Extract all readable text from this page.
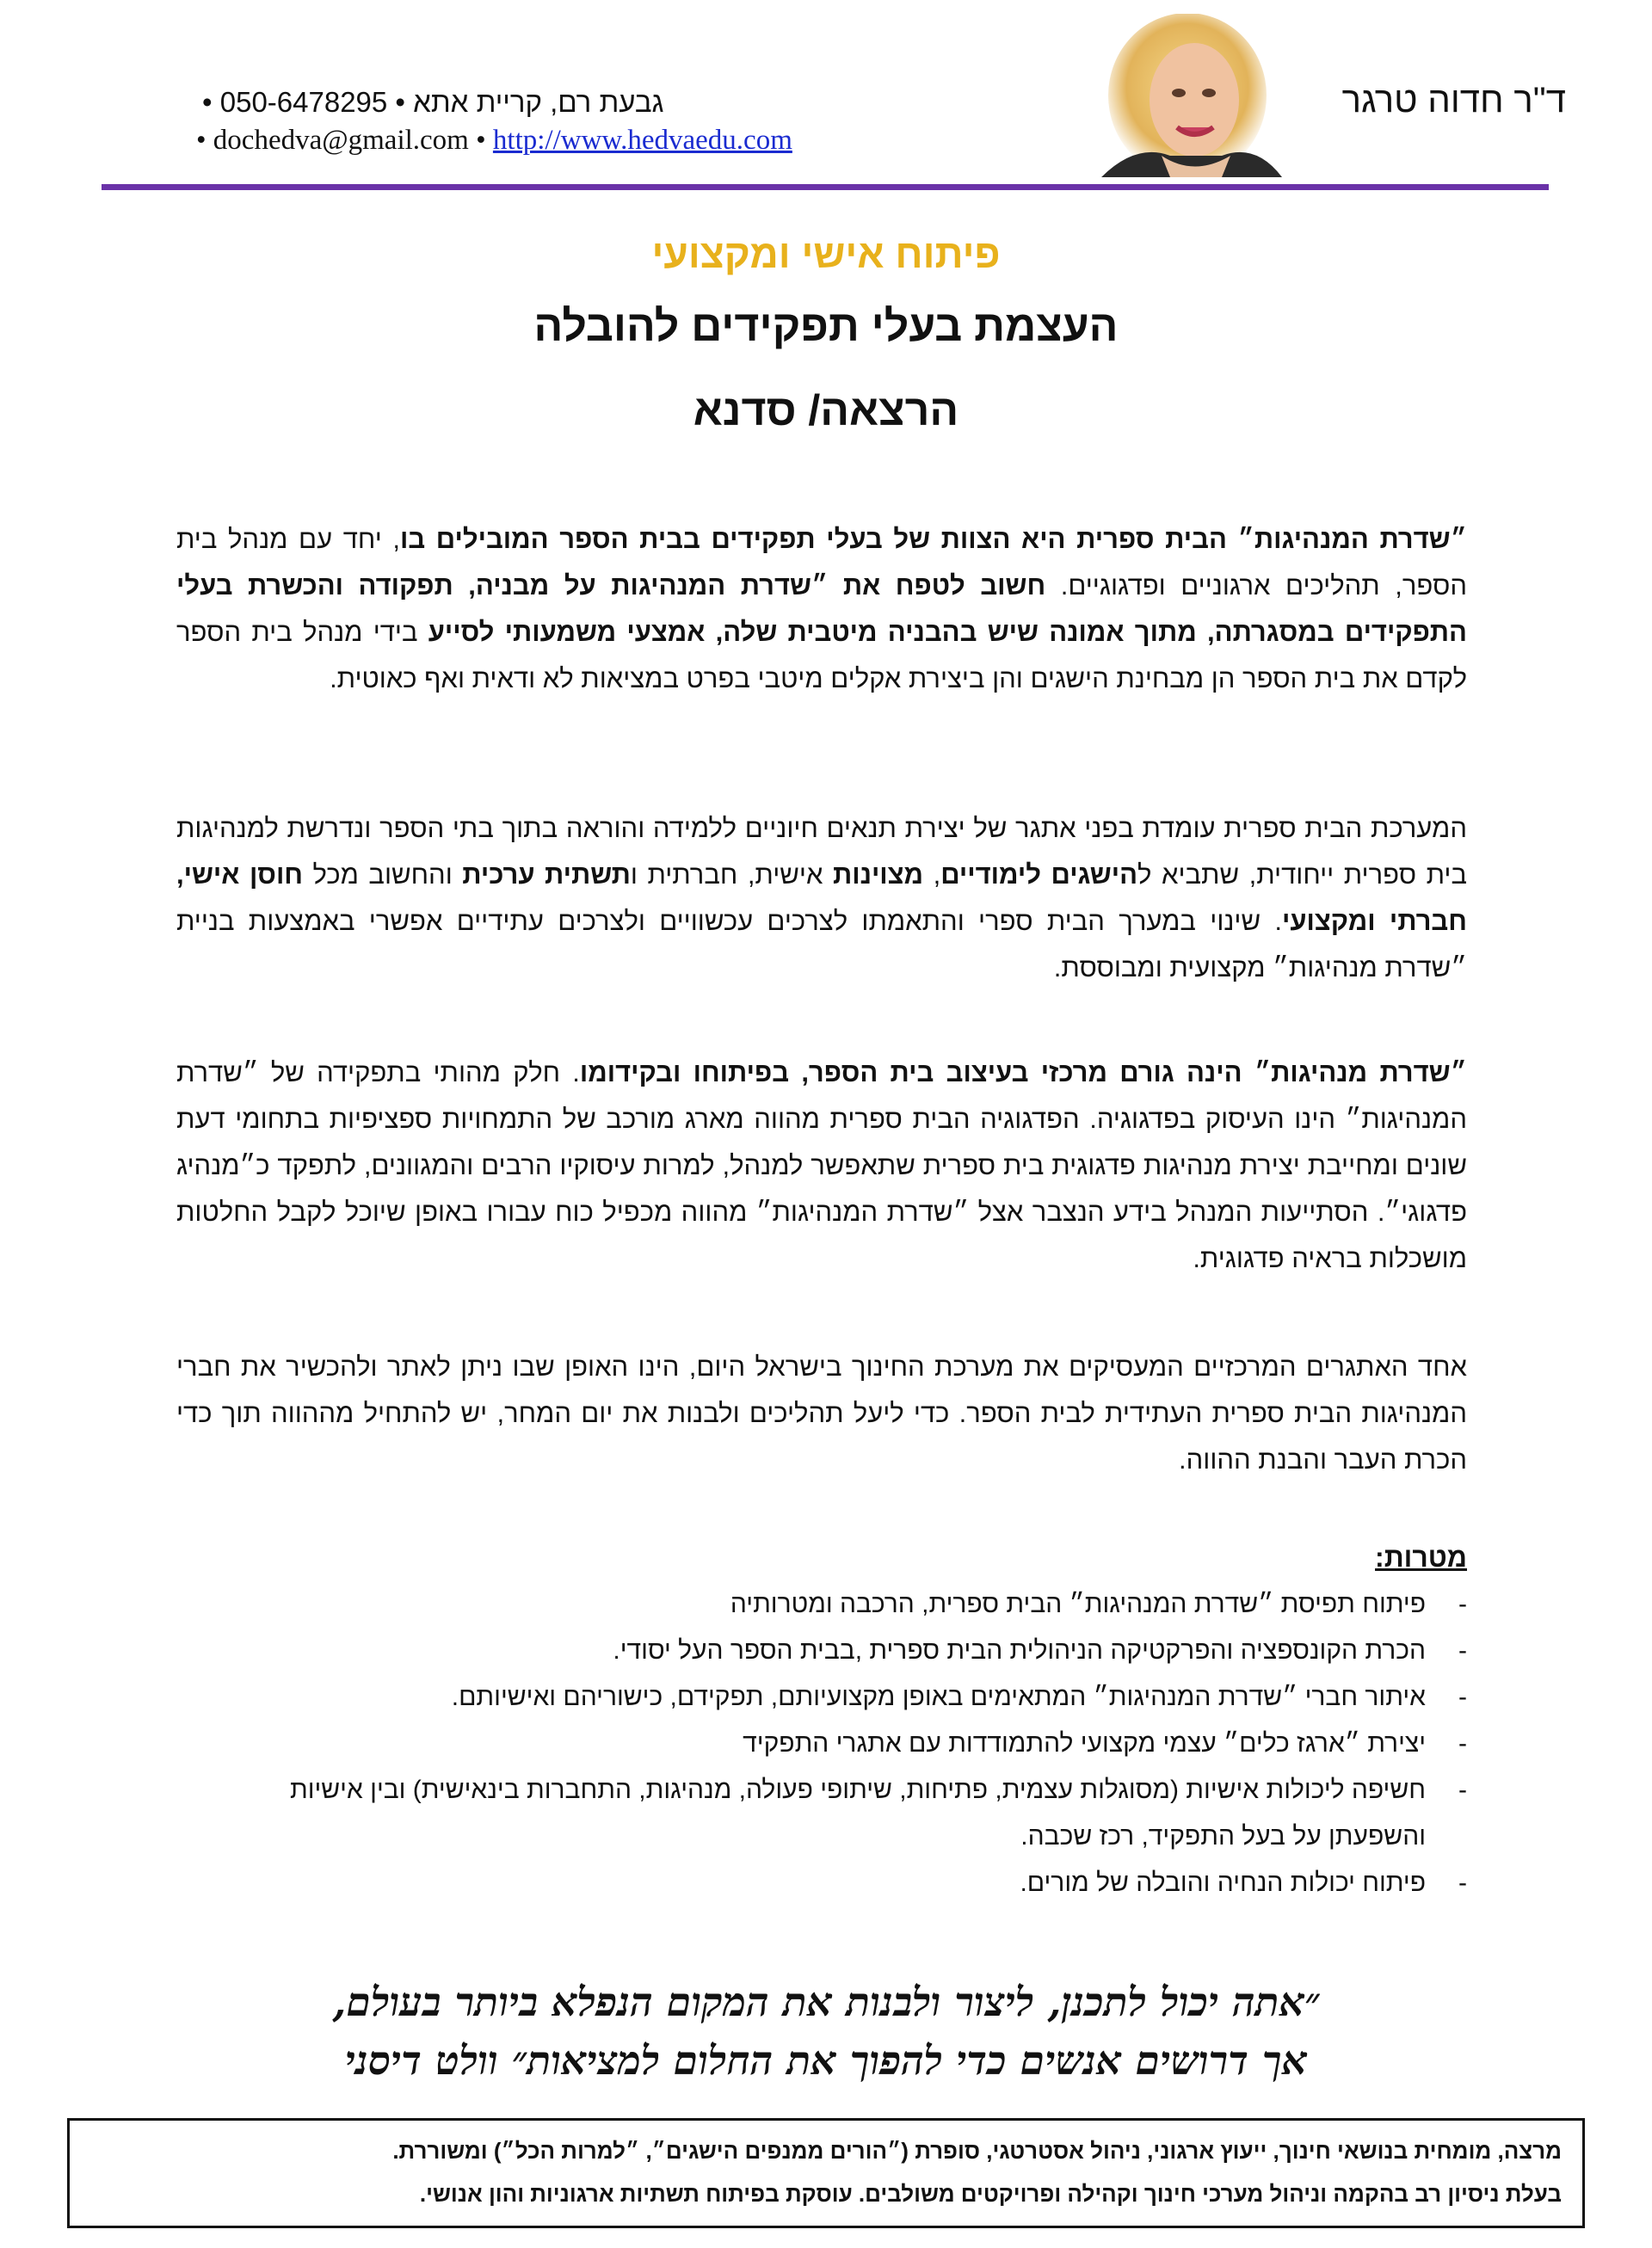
ד"ר חדוה טרגר
גבעת רם, קריית אתא • 050-6478295 •
• dochedva@gmail.com • http://www.hedvaedu.com
פיתוח אישי ומקצועי
העצמת בעלי תפקידים להובלה
הרצאה/ סדנא
״שדרת המנהיגות״ הבית ספרית היא הצוות של בעלי תפקידים בבית הספר המובילים בו, יחד עם מנהל בית הספר, תהליכים ארגוניים ופדגוגיים. חשוב לטפח את ״שדרת המנהיגות על מבניה, תפקודה והכשרת בעלי התפקידים במסגרתה, מתוך אמונה שיש בהבניה מיטבית שלה, אמצעי משמעותי לסייע בידי מנהל בית הספר לקדם את בית הספר הן מבחינת הישגים והן ביצירת אקלים מיטבי בפרט במציאות לא ודאית ואף כאוטית.
המערכת הבית ספרית עומדת בפני אתגר של יצירת תנאים חיוניים ללמידה והוראה בתוך בתי הספר ונדרשת למנהיגות בית ספרית ייחודית, שתביא להישגים לימודיים, מצוינות אישית, חברתית ותשתית ערכית והחשוב מכל חוסן אישי, חברתי ומקצועי. שינוי במערך הבית ספרי והתאמתו לצרכים עכשוויים ולצרכים עתידיים אפשרי באמצעות בניית ״שדרת מנהיגות״ מקצועית ומבוססת.
״שדרת מנהיגות״ הינה גורם מרכזי בעיצוב בית הספר, בפיתוחו ובקידומו. חלק מהותי בתפקידה של ״שדרת המנהיגות״ הינו העיסוק בפדגוגיה. הפדגוגיה הבית ספרית מהווה מארג מורכב של התמחויות ספציפיות בתחומי דעת שונים ומחייבת יצירת מנהיגות פדגוגית בית ספרית שתאפשר למנהל, למרות עיסוקיו הרבים והמגוונים, לתפקד כ״מנהיג פדגוגי״. הסתייעות המנהל בידע הנצבר אצל ״שדרת המנהיגות״ מהווה מכפיל כוח עבורו באופן שיוכל לקבל החלטות מושכלות בראיה פדגוגית.
אחד האתגרים המרכזיים המעסיקים את מערכת החינוך בישראל היום, הינו האופן שבו ניתן לאתר ולהכשיר את חברי המנהיגות הבית ספרית העתידית לבית הספר. כדי ליעל תהליכים ולבנות את יום המחר, יש להתחיל מההווה תוך כדי הכרת העבר והבנת ההווה.
מטרות:
-
פיתוח תפיסת ״שדרת המנהיגות״ הבית ספרית, הרכבה ומטרותיה
-
הכרת הקונספציה והפרקטיקה הניהולית הבית ספרית ,בבית הספר העל יסודי.
-
איתור חברי ״שדרת המנהיגות״ המתאימים באופן מקצועיותם, תפקידם, כישוריהם ואישיותם.
-
יצירת ״ארגז כלים״ עצמי מקצועי להתמודדות עם אתגרי התפקיד
-
חשיפה ליכולות אישיות (מסוגלות עצמית, פתיחות, שיתופי פעולה, מנהיגות, התחברות בינאישית) ובין אישיות והשפעתן על בעל התפקיד, רכז שכבה.
-
פיתוח יכולות הנחיה והובלה של מורים.
״אתה יכול לתכנן, ליצור ולבנות את המקום הנפלא ביותר בעולם,
אך דרושים אנשים כדי להפוך את החלום למציאות״ וולט דיסני
מרצה, מומחית בנושאי חינוך, ייעוץ ארגוני, ניהול אסטרטגי, סופרת (״הורים ממנפים הישגים״, ״למרות הכל״) ומשוררת.
בעלת ניסיון רב בהקמה וניהול מערכי חינוך וקהילה ופרויקטים משולבים. עוסקת בפיתוח תשתיות ארגוניות והון אנושי.
